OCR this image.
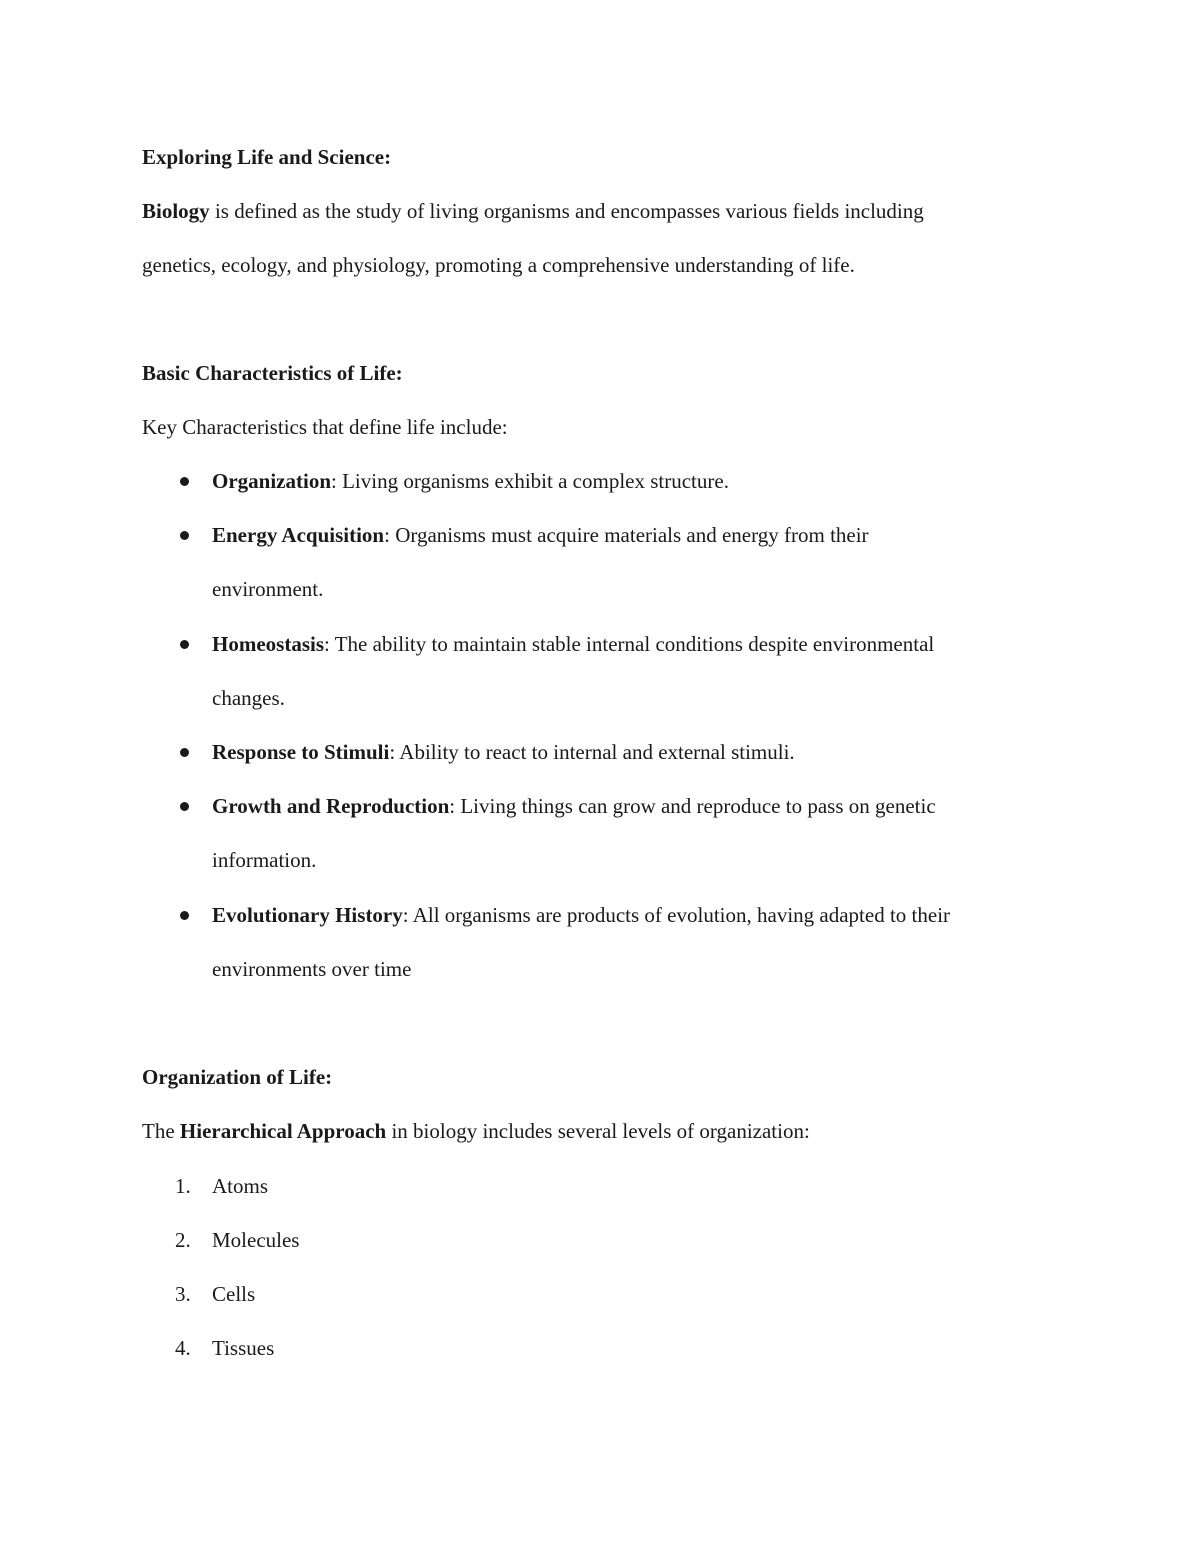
Exploring Life and Science:
Biology is defined as the study of living organisms and encompasses various fields including
genetics, ecology, and physiology, promoting a comprehensive understanding of life.
Basic Characteristics of Life:
Key Characteristics that define life include:
Organization: Living organisms exhibit a complex structure.
Energy Acquisition: Organisms must acquire materials and energy from their
environment.
Homeostasis: The ability to maintain stable internal conditions despite environmental
changes.
Response to Stimuli: Ability to react to internal and external stimuli.
Growth and Reproduction: Living things can grow and reproduce to pass on genetic
information.
Evolutionary History: All organisms are products of evolution, having adapted to their
environments over time
Organization of Life:
The Hierarchical Approach in biology includes several levels of organization:
1. Atoms
2. Molecules
3. Cells
4. Tissues
